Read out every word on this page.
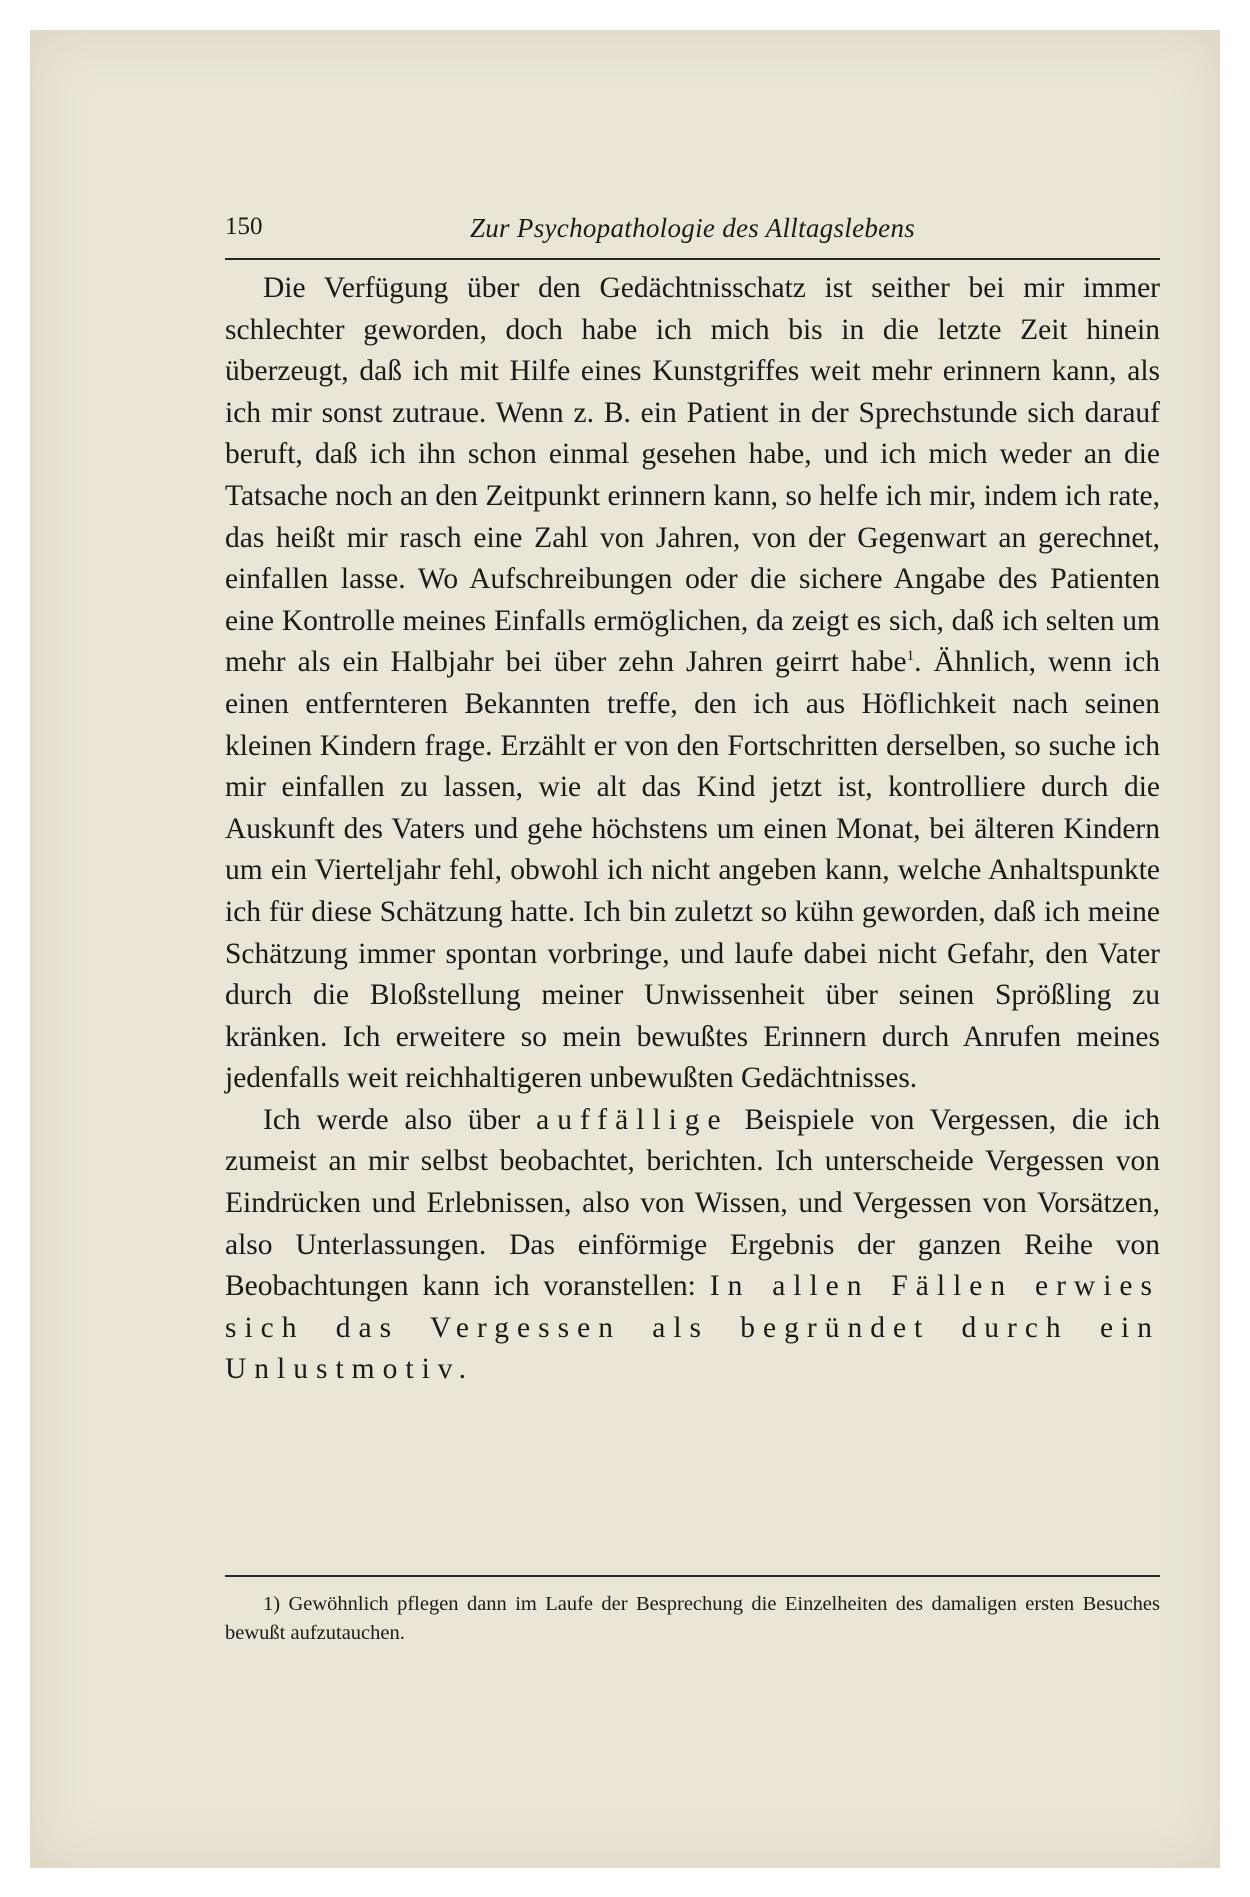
150	Zur Psychopathologie des Alltagslebens

Die Verfügung über den Gedächtnisschatz ist seither bei mir immer schlechter geworden, doch habe ich mich bis in die letzte Zeit hinein überzeugt, daß ich mit Hilfe eines Kunstgriffes weit mehr erinnern kann, als ich mir sonst zutraue. Wenn z. B. ein Patient in der Sprechstunde sich darauf beruft, daß ich ihn schon einmal gesehen habe, und ich mich weder an die Tatsache noch an den Zeitpunkt erinnern kann, so helfe ich mir, indem ich rate, das heißt mir rasch eine Zahl von Jahren, von der Gegenwart an gerechnet, einfallen lasse. Wo Aufschreibungen oder die sichere Angabe des Patienten eine Kontrolle meines Einfalls ermöglichen, da zeigt es sich, daß ich selten um mehr als ein Halbjahr bei über zehn Jahren geirrt habe$^1$. Ähnlich, wenn ich einen entfernteren Bekannten treffe, den ich aus Höflichkeit nach seinen kleinen Kindern frage. Erzählt er von den Fortschritten derselben, so suche ich mir einfallen zu lassen, wie alt das Kind jetzt ist, kontrolliere durch die Auskunft des Vaters und gehe höchstens um einen Monat, bei älteren Kindern um ein Vierteljahr fehl, obwohl ich nicht angeben kann, welche Anhaltspunkte ich für diese Schätzung hatte. Ich bin zuletzt so kühn geworden, daß ich meine Schätzung immer spontan vorbringe, und laufe dabei nicht Gefahr, den Vater durch die Bloßstellung meiner Unwissenheit über seinen Sprößling zu kränken. Ich erweitere so mein bewußtes Erinnern durch Anrufen meines jedenfalls weit reichhaltigeren unbewußten Gedächtnisses.

Ich werde also über auffällige Beispiele von Vergessen, die ich zumeist an mir selbst beobachtet, berichten. Ich unterscheide Vergessen von Eindrücken und Erlebnissen, also von Wissen, und Vergessen von Vorsätzen, also Unterlassungen. Das einförmige Ergebnis der ganzen Reihe von Beobachtungen kann ich voranstellen: In allen Fällen erwies sich das Vergessen als begründet durch ein Unlustmotiv.

1) Gewöhnlich pflegen dann im Laufe der Besprechung die Einzelheiten des damaligen ersten Besuches bewußt aufzutauchen.
